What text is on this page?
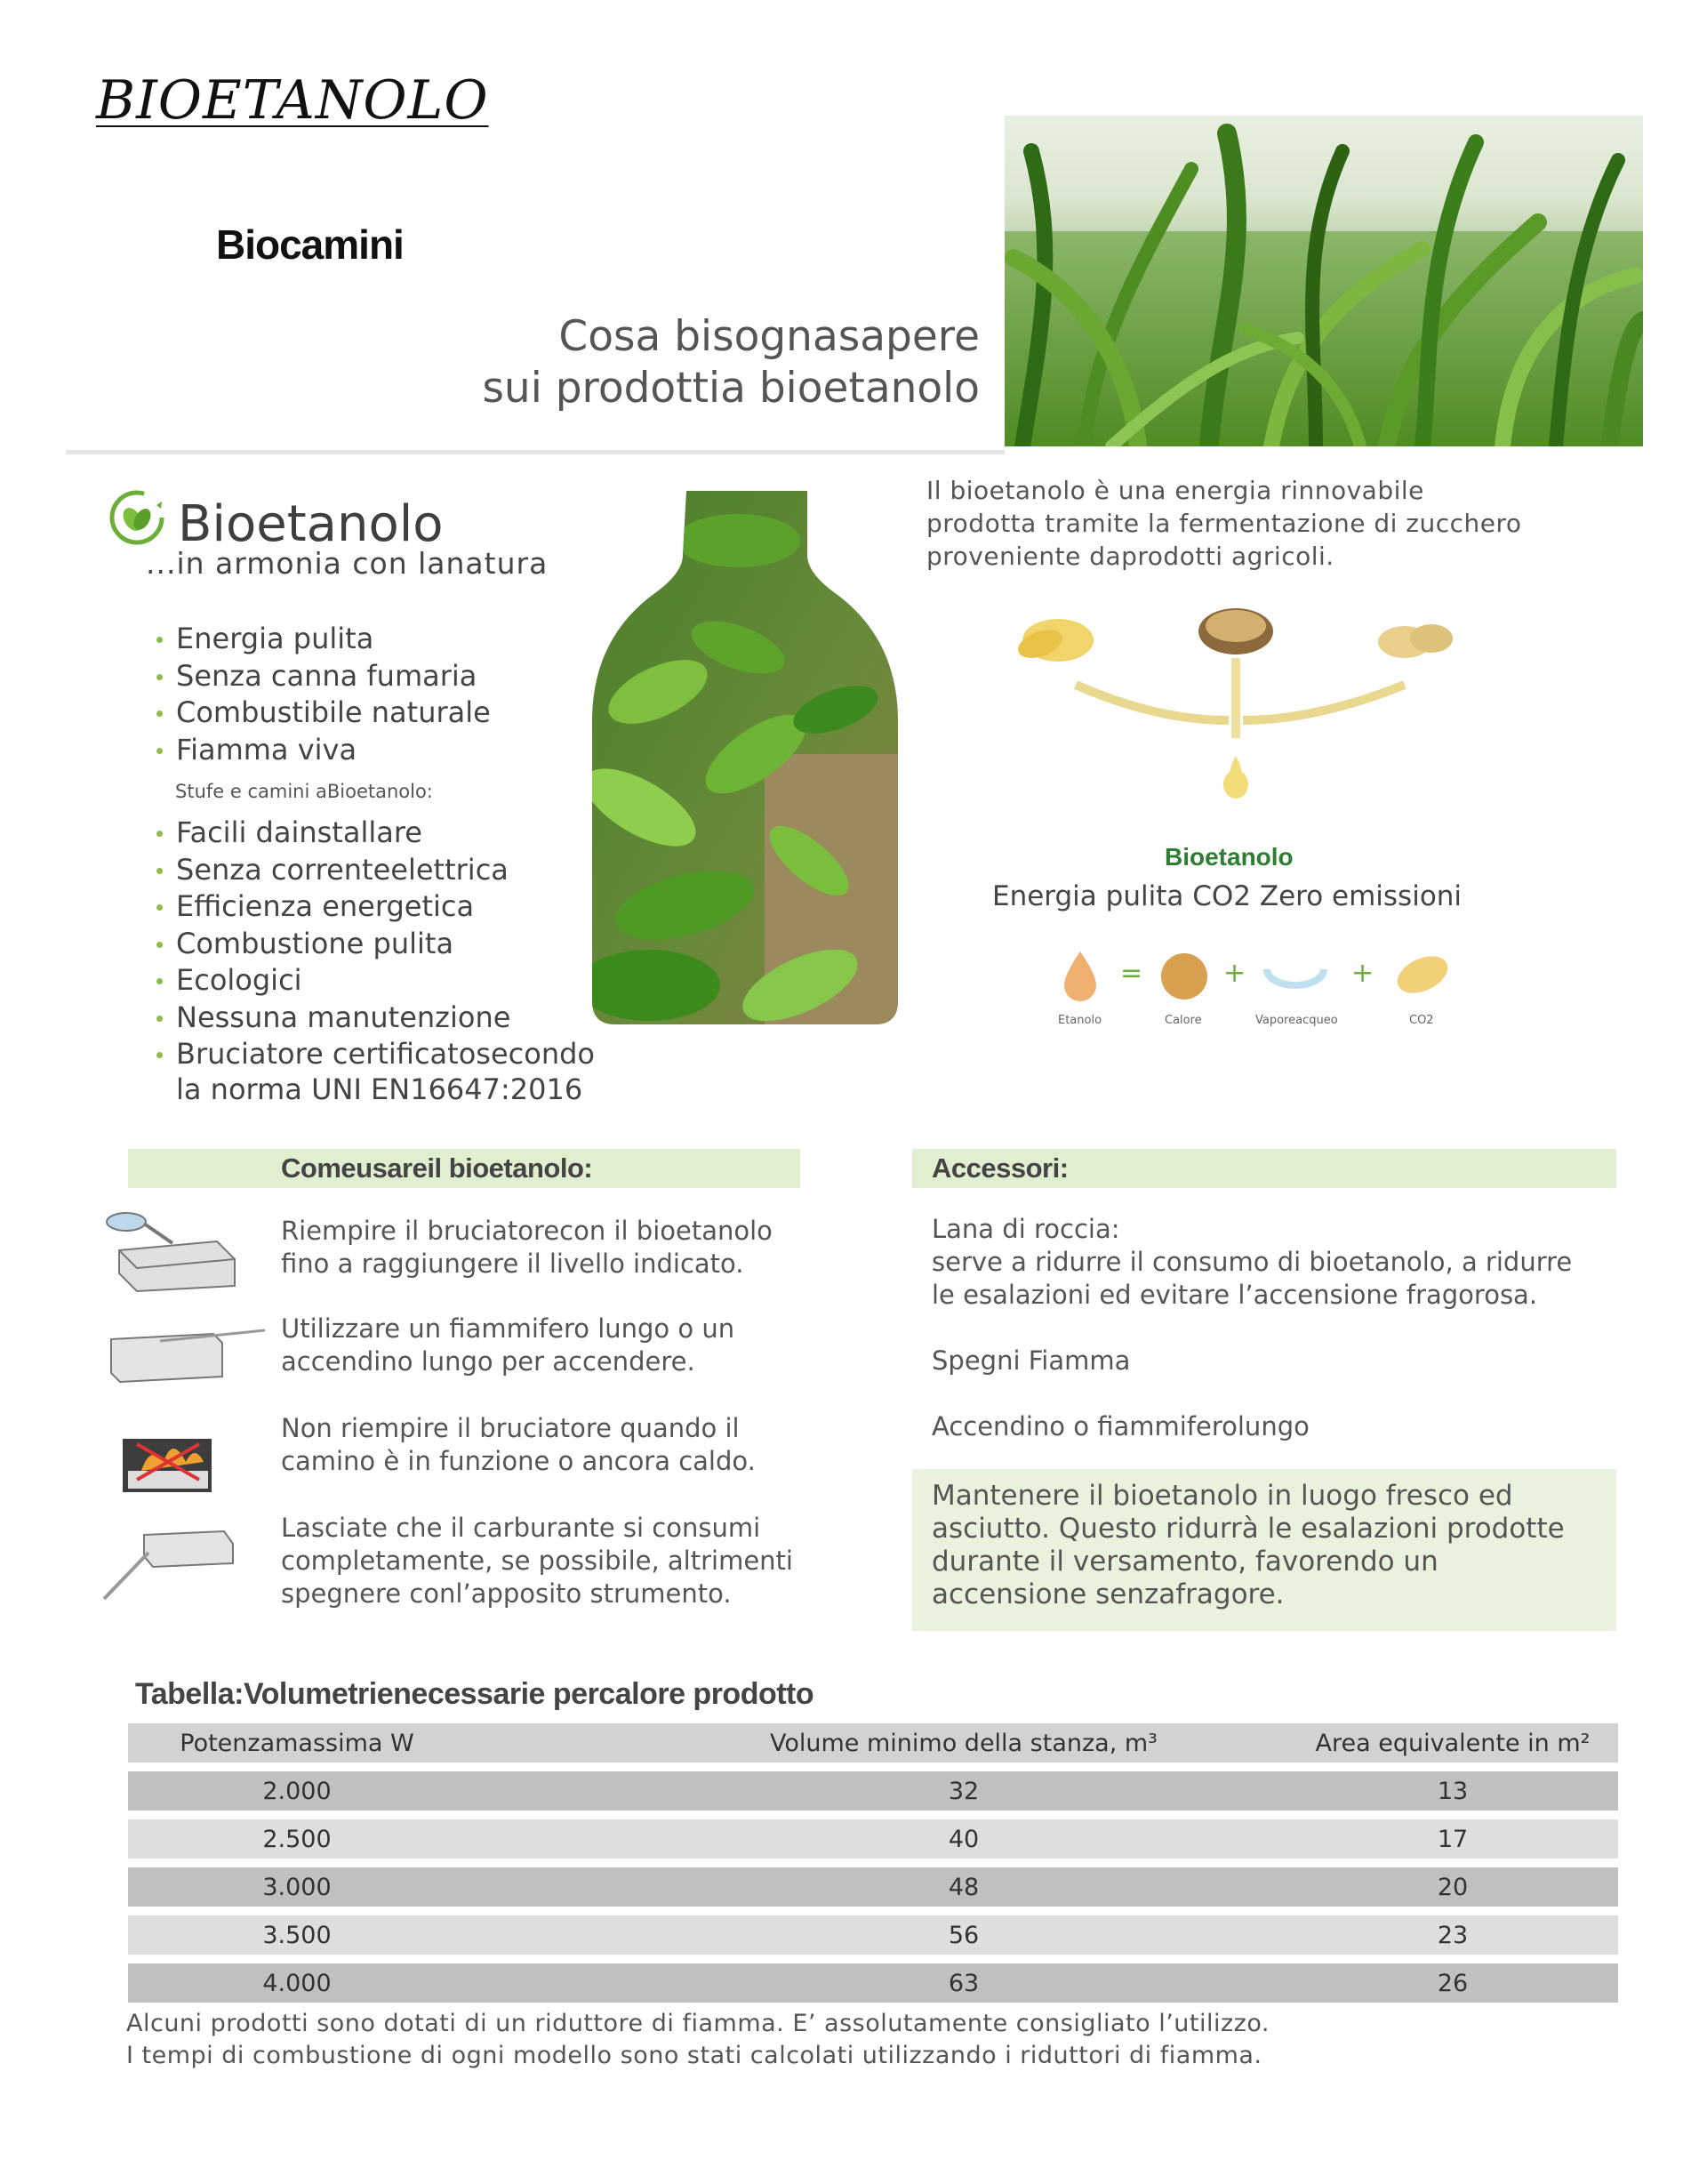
BIOETANOLO
Biocamini
Cosa bisognasapere
sui prodottia bioetanolo
Bioetanolo
...in armonia con lanatura
Energia pulita
Senza canna fumaria
Combustibile naturale
Fiamma viva
Stufe e camini aBioetanolo:
Facili dainstallare
Senza correnteelettrica
Efficienza energetica
Combustione pulita
Ecologici
Nessuna manutenzione
Bruciatore certificatosecondo
la norma UNI EN16647:2016
Il bioetanolo è una energia rinnovabile
prodotta tramite la fermentazione di zucchero
proveniente daprodotti agricoli.
Bioetanolo
Energia pulita CO2 Zero emissioni
=	+	+
Etanolo	Calore	Vaporeacqueo	CO2
Comeusareil bioetanolo:
Riempire il bruciatorecon il bioetanolo
fino a raggiungere il livello indicato.
Utilizzare un fiammifero lungo o un
accendino lungo per accendere.
Non riempire il bruciatore quando il
camino è in funzione o ancora caldo.
Lasciate che il carburante si consumi
completamente, se possibile, altrimenti
spegnere conl’apposito strumento.
Accessori:
Lana di roccia:
serve a ridurre il consumo di bioetanolo, a ridurre
le esalazioni ed evitare l’accensione fragorosa.
Spegni Fiamma
Accendino o fiammiferolungo
Mantenere il bioetanolo in luogo fresco ed
asciutto. Questo ridurrà le esalazioni prodotte
durante il versamento, favorendo un
accensione senzafragore.
Tabella:Volumetrienecessarie percalore prodotto
Potenzamassima W	Volume minimo della stanza, m³	Area equivalente in m²
2.000	32	13
2.500	40	17
3.000	48	20
3.500	56	23
4.000	63	26
Alcuni prodotti sono dotati di un riduttore di fiamma. E’ assolutamente consigliato l’utilizzo.
I tempi di combustione di ogni modello sono stati calcolati utilizzando i riduttori di fiamma.
